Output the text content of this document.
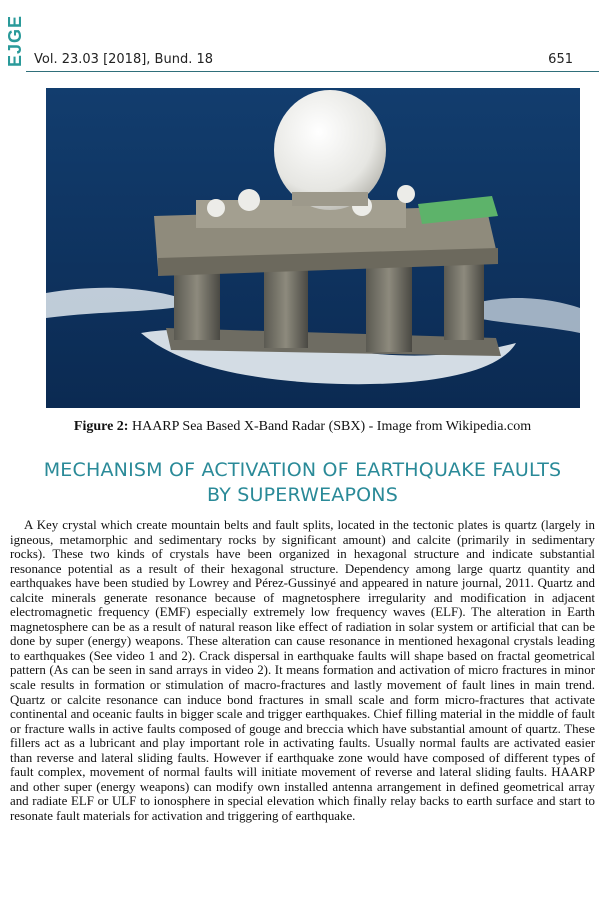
EJGE Vol. 23.03 [2018], Bund. 18	651
Figure 2: HAARP Sea Based X-Band Radar (SBX) - Image from Wikipedia.com
MECHANISM OF ACTIVATION OF EARTHQUAKE FAULTS
BY SUPERWEAPONS
A Key crystal which create mountain belts and fault splits, located in the tectonic plates is quartz (largely in igneous, metamorphic and sedimentary rocks by significant amount) and calcite (primarily in sedimentary rocks). These two kinds of crystals have been organized in hexagonal structure and indicate substantial resonance potential as a result of their hexagonal structure. Dependency among large quartz quantity and earthquakes have been studied by Lowrey and Pérez-Gussinyé and appeared in nature journal, 2011. Quartz and calcite minerals generate resonance because of magnetosphere irregularity and modification in adjacent electromagnetic frequency (EMF) especially extremely low frequency waves (ELF). The alteration in Earth magnetosphere can be as a result of natural reason like effect of radiation in solar system or artificial that can be done by super (energy) weapons. These alteration can cause resonance in mentioned hexagonal crystals leading to earthquakes (See video 1 and 2). Crack dispersal in earthquake faults will shape based on fractal geometrical pattern (As can be seen in sand arrays in video 2). It means formation and activation of micro fractures in minor scale results in formation or stimulation of macro-fractures and lastly movement of fault lines in main trend. Quartz or calcite resonance can induce bond fractures in small scale and form micro-fractures that activate continental and oceanic faults in bigger scale and trigger earthquakes. Chief filling material in the middle of fault or fracture walls in active faults composed of gouge and breccia which have substantial amount of quartz. These fillers act as a lubricant and play important role in activating faults. Usually normal faults are activated easier than reverse and lateral sliding faults. However if earthquake zone would have composed of different types of fault complex, movement of normal faults will initiate movement of reverse and lateral sliding faults. HAARP and other super (energy weapons) can modify own installed antenna arrangement in defined geometrical array and radiate ELF or ULF to ionosphere in special elevation which finally relay backs to earth surface and start to resonate fault materials for activation and triggering of earthquake.
